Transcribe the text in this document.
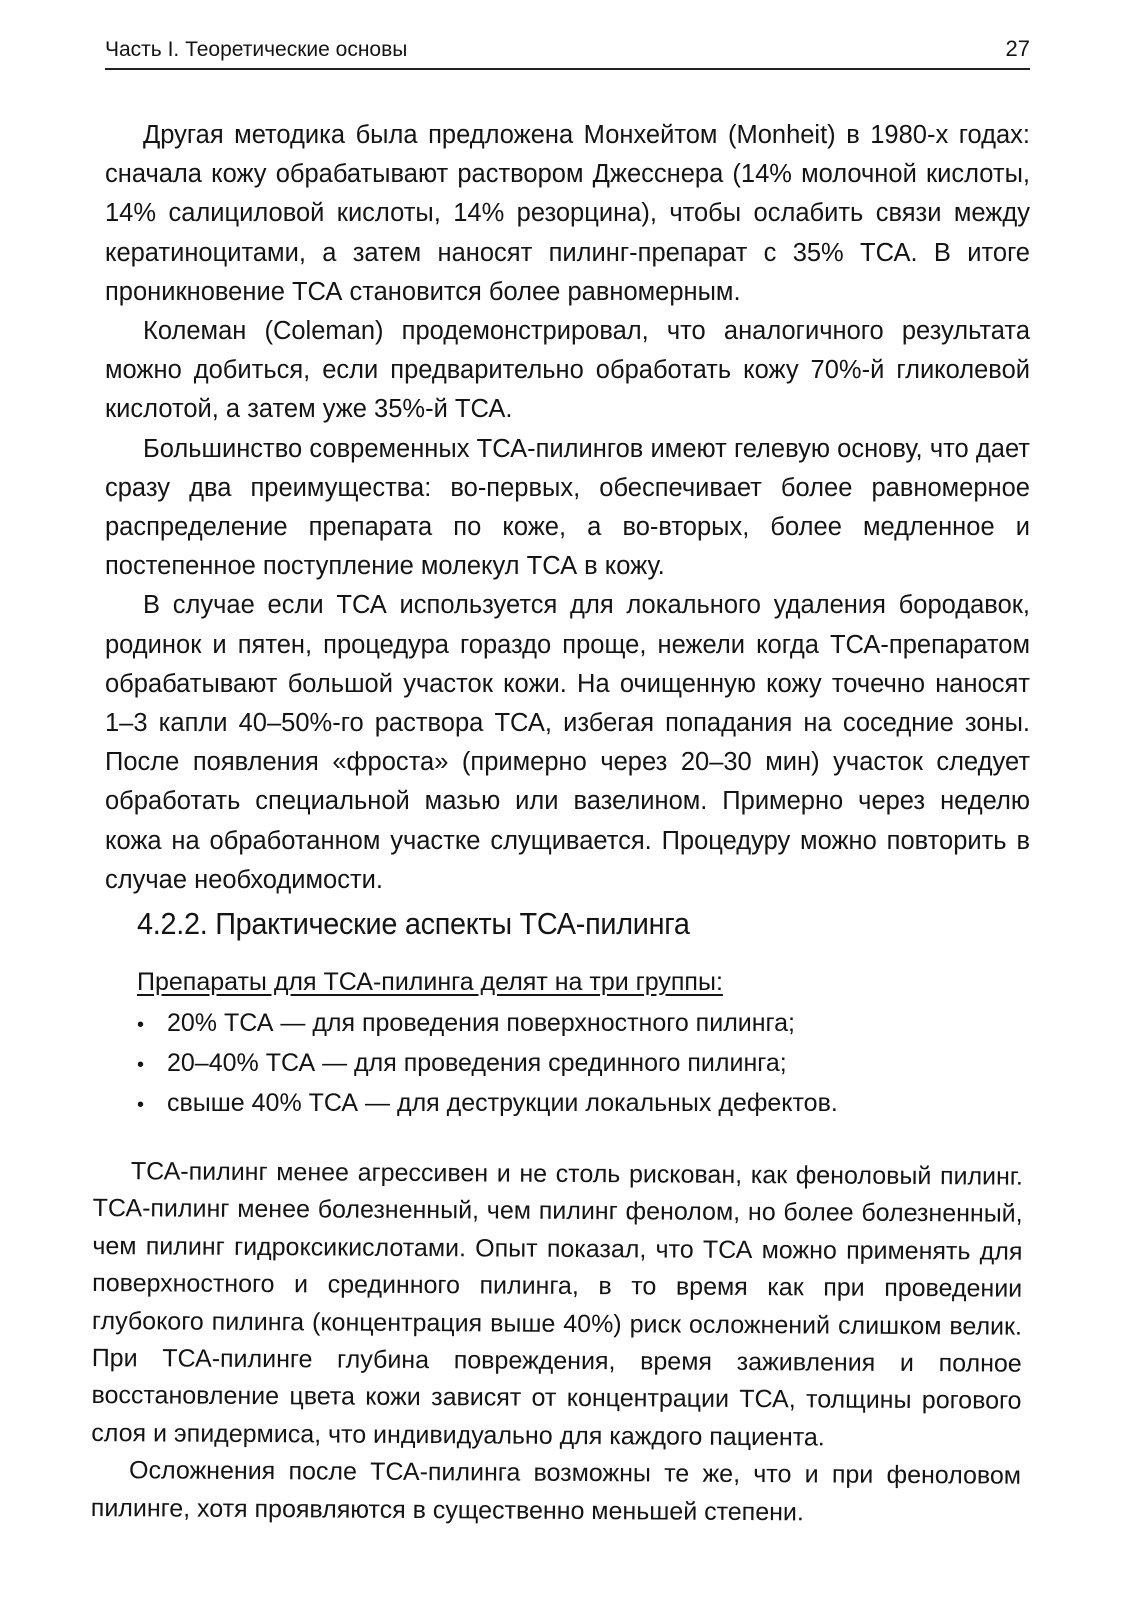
Часть I. Теоретические основы	27

Другая методика была предложена Монхейтом (Monheit) в 1980-х годах: сначала кожу обрабатывают раствором Джесснера (14% молочной кислоты, 14% салициловой кислоты, 14% резорцина), чтобы ослабить связи между кератиноцитами, а затем наносят пилинг-препарат с 35% ТСА. В итоге проникновение ТСА становится более равномерным.

Колеман (Coleman) продемонстрировал, что аналогичного результата можно добиться, если предварительно обработать кожу 70%-й гликолевой кислотой, а затем уже 35%-й ТСА.

Большинство современных ТСА-пилингов имеют гелевую основу, что дает сразу два преимущества: во-первых, обеспечивает более равномерное распределение препарата по коже, а во-вторых, более медленное и постепенное поступление молекул ТСА в кожу.

В случае если ТСА используется для локального удаления бородавок, родинок и пятен, процедура гораздо проще, нежели когда ТСА-препаратом обрабатывают большой участок кожи. На очищенную кожу точечно наносят 1–3 капли 40–50%-го раствора ТСА, избегая попадания на соседние зоны. После появления «фроста» (примерно через 20–30 мин) участок следует обработать специальной мазью или вазелином. Примерно через неделю кожа на обработанном участке слущивается. Процедуру можно повторить в случае необходимости.

4.2.2. Практические аспекты ТСА-пилинга
Препараты для ТСА-пилинга делят на три группы:
• 20% ТСА — для проведения поверхностного пилинга;
• 20–40% ТСА — для проведения срединного пилинга;
• свыше 40% ТСА — для деструкции локальных дефектов.

ТСА-пилинг менее агрессивен и не столь рискован, как феноловый пилинг. ТСА-пилинг менее болезненный, чем пилинг фенолом, но более болезненный, чем пилинг гидроксикислотами. Опыт показал, что ТСА можно применять для поверхностного и срединного пилинга, в то время как при проведении глубокого пилинга (концентрация выше 40%) риск осложнений слишком велик. При ТСА-пилинге глубина повреждения, время заживления и полное восстановление цвета кожи зависят от концентрации ТСА, толщины рогового слоя и эпидермиса, что индивидуально для каждого пациента.

Осложнения после ТСА-пилинга возможны те же, что и при феноловом пилинге, хотя проявляются в существенно меньшей степени.
